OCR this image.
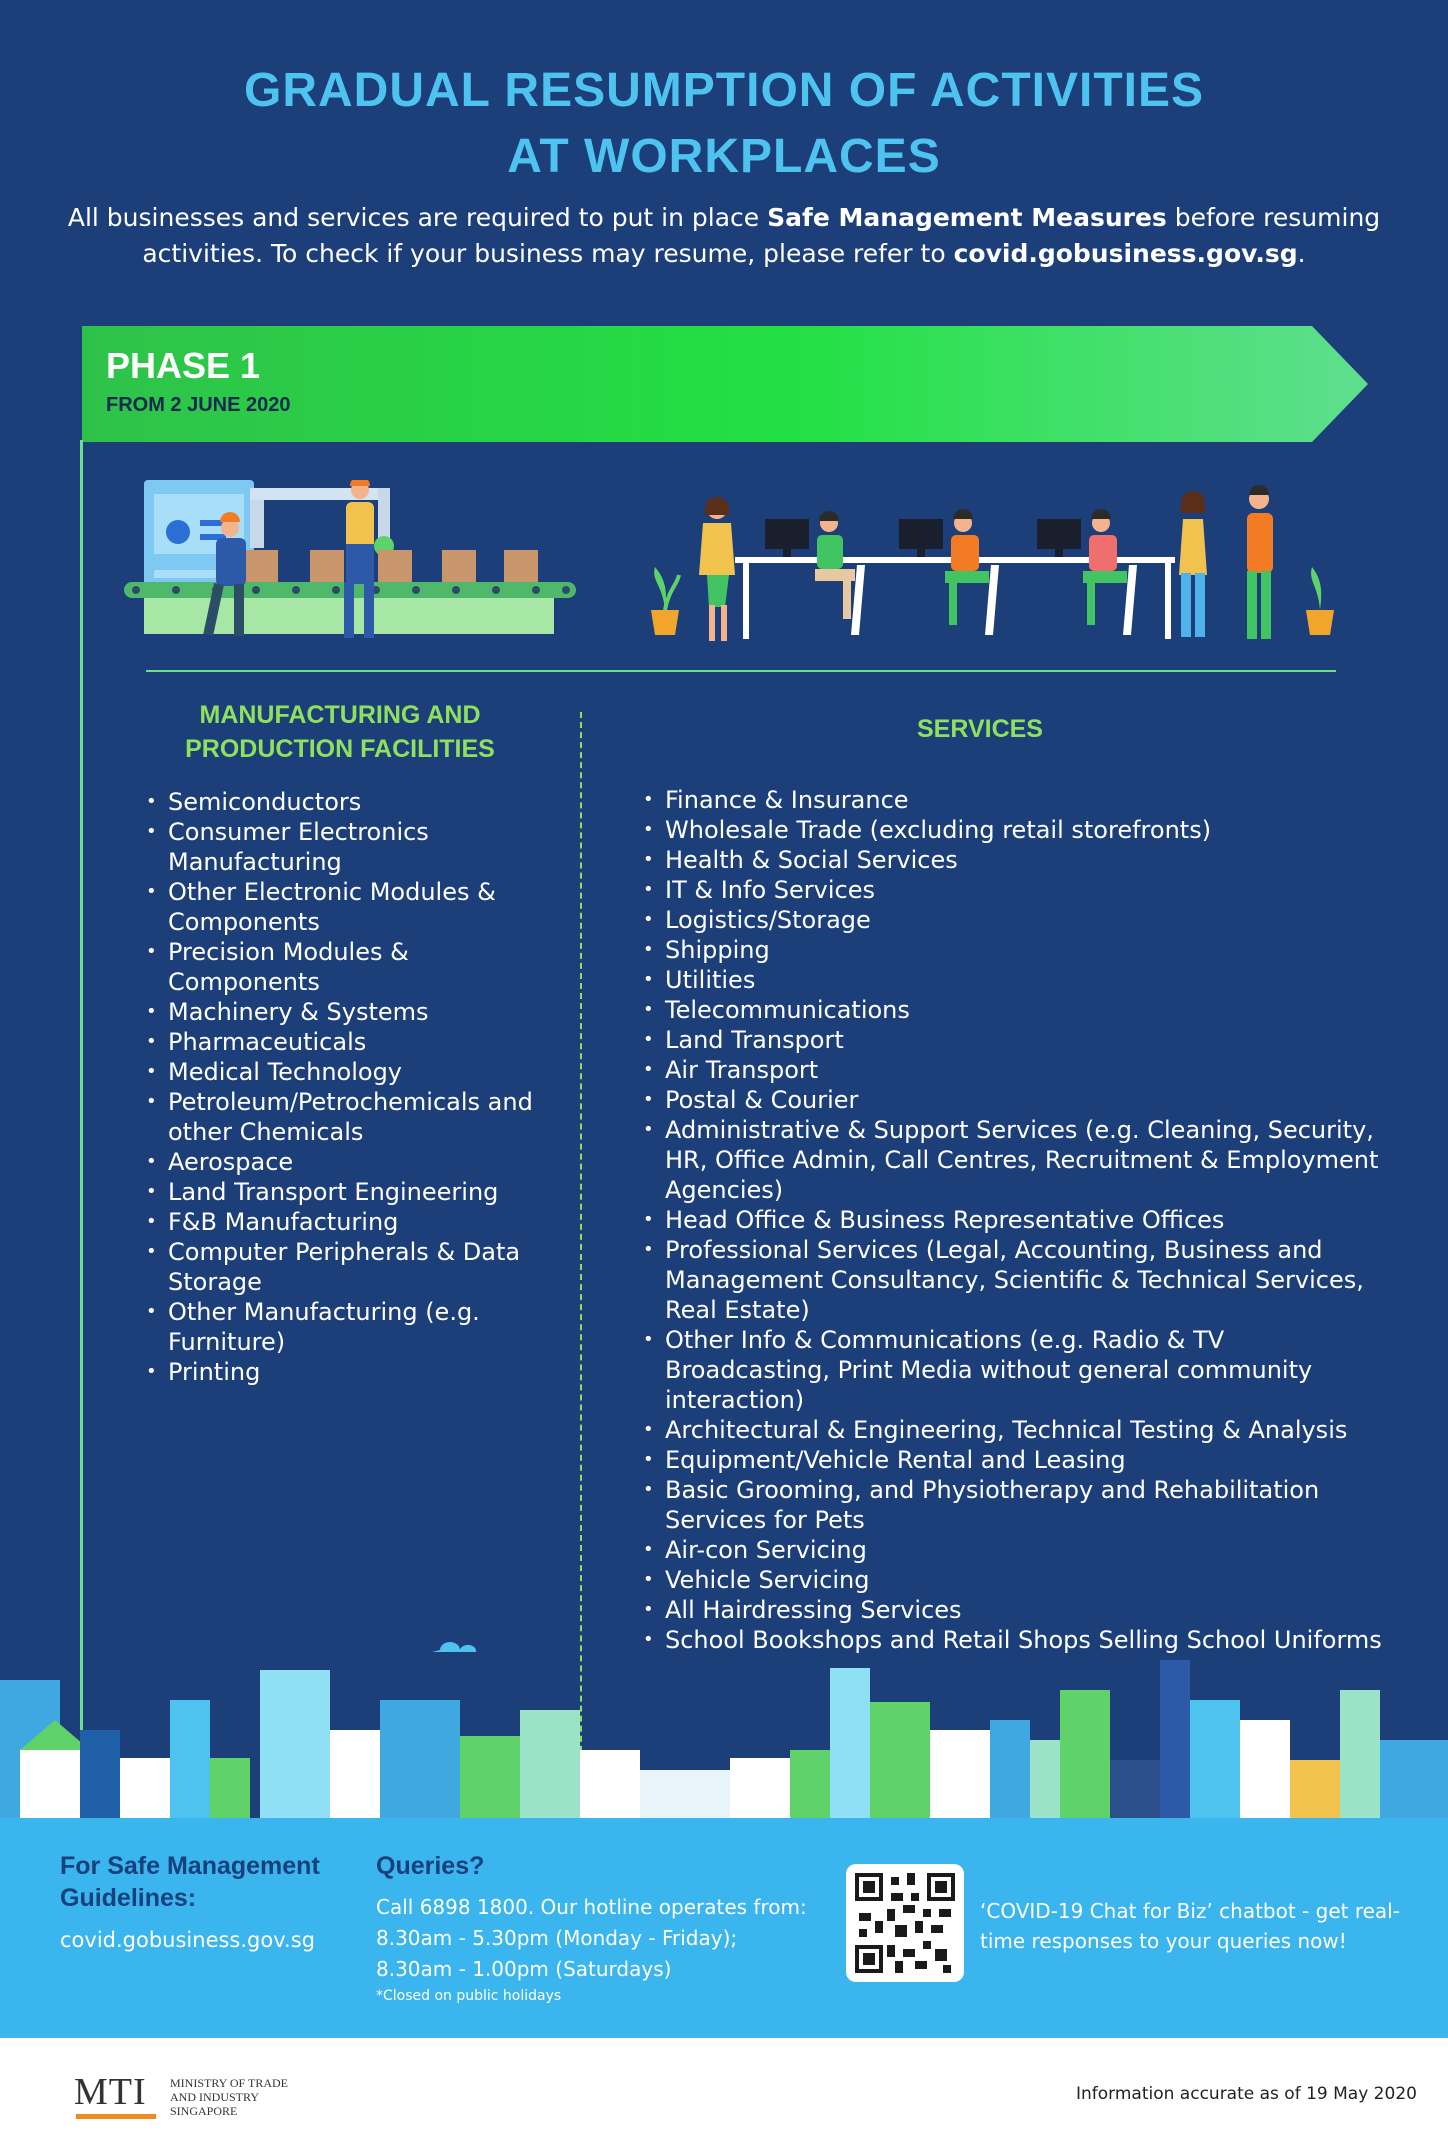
GRADUAL RESUMPTION OF ACTIVITIES
AT WORKPLACES
All businesses and services are required to put in place Safe Management Measures before resuming activities. To check if your business may resume, please refer to covid.gobusiness.gov.sg.
PHASE 1
FROM 2 JUNE 2020
MANUFACTURING AND PRODUCTION FACILITIES
• Semiconductors
• Consumer Electronics Manufacturing
• Other Electronic Modules & Components
• Precision Modules & Components
• Machinery & Systems
• Pharmaceuticals
• Medical Technology
• Petroleum/Petrochemicals and other Chemicals
• Aerospace
• Land Transport Engineering
• F&B Manufacturing
• Computer Peripherals & Data Storage
• Other Manufacturing (e.g. Furniture)
• Printing
SERVICES
• Finance & Insurance
• Wholesale Trade (excluding retail storefronts)
• Health & Social Services
• IT & Info Services
• Logistics/Storage
• Shipping
• Utilities
• Telecommunications
• Land Transport
• Air Transport
• Postal & Courier
• Administrative & Support Services (e.g. Cleaning, Security, HR, Office Admin, Call Centres, Recruitment & Employment Agencies)
• Head Office & Business Representative Offices
• Professional Services (Legal, Accounting, Business and Management Consultancy, Scientific & Technical Services, Real Estate)
• Other Info & Communications (e.g. Radio & TV Broadcasting, Print Media without general community interaction)
• Architectural & Engineering, Technical Testing & Analysis
• Equipment/Vehicle Rental and Leasing
• Basic Grooming, and Physiotherapy and Rehabilitation Services for Pets
• Air-con Servicing
• Vehicle Servicing
• All Hairdressing Services
• School Bookshops and Retail Shops Selling School Uniforms
For Safe Management Guidelines:
covid.gobusiness.gov.sg
Queries?
Call 6898 1800. Our hotline operates from:
8.30am - 5.30pm (Monday - Friday);
8.30am - 1.00pm (Saturdays)
*Closed on public holidays
‘COVID-19 Chat for Biz’ chatbot - get real-time responses to your queries now!
MTI MINISTRY OF TRADE
AND INDUSTRY
SINGAPORE
Information accurate as of 19 May 2020
